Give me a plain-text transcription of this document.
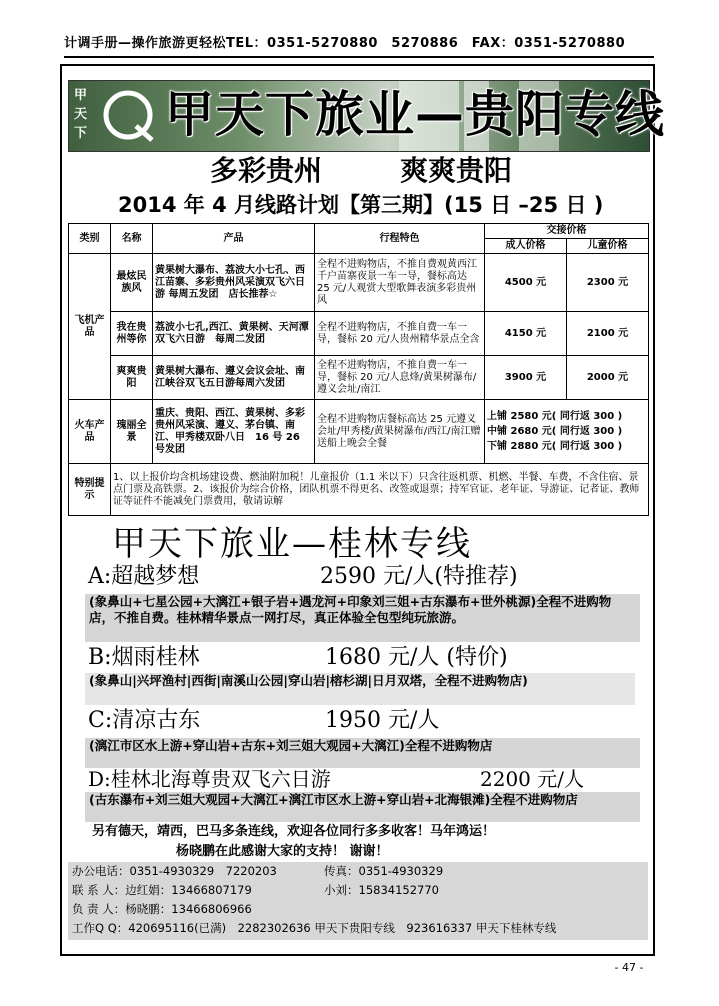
计调手册—操作旅游更轻松TEL：0351-5270880　5270886　FAX：0351-5270880
甲
天
下 甲天下旅业—贵阳专线
多彩贵州	爽爽贵阳
2014 年 4 月线路计划【第三期】(15 日 –25 日 )
类别	名称	产品	行程特色	交接价格	
				成人价格	儿童价格
飞机产品	最炫民族风	黄果树大瀑布、荔波大小七孔、西江苗寨、多彩贵州风采演双飞六日游 每周五发团　店长推荐☆	全程不进购物店，不推自费观黄西江千户苗寨夜景一车一导，餐标高达 25 元/人观赏大型歌舞表演多彩贵州风	4500 元	2300 元
	我在贵州等你	荔波小七孔,西江、黄果树、天河潭双飞六日游　每周二发团	全程不进购物店，不推自费一车一导，餐标 20 元/人贵州精华景点全含	4150 元	2100 元
	爽爽贵阳	黄果树大瀑布、遵义会议会址、南江峡谷双飞五日游每周六发团	全程不进购物店，不推自费一车一导，餐标 20 元/人息烽/黄果树瀑布/遵义会址/南江	3900 元	2000 元
火车产品	瑰丽全景	重庆、贵阳、西江、黄果树、多彩贵州风采演、遵义、茅台镇、南江、甲秀楼双卧八日　16 号 26 号发团	全程不进购物店餐标高达 25 元遵义会址/甲秀楼/黄果树瀑布/西江/南江赠送船上晚会全餐	上铺 2580 元( 同行返 300 )
中铺 2680 元( 同行返 300 )
下铺 2880 元( 同行返 300 )	

特别提示	1、以上报价均含机场建设费、燃油附加税！儿童报价（1.1 米以下）只含往返机票、机燃、半餐、车费，不含住宿、景点门票及高铁票。2、该报价为综合价格，团队机票不得更名、改签或退票；持军官证、老年证、导游证、记者证、教师证等证件不能减免门票费用，敬请谅解				
甲天下旅业—桂林专线
A:超越梦想	2590 元/人(特推荐)
(象鼻山+七星公园+大漓江+银子岩+遇龙河+印象刘三姐+古东瀑布+世外桃源)全程不进购物店，不推自费。桂林精华景点一网打尽，真正体验全包型纯玩旅游。
B:烟雨桂林	1680 元/人 (特价)
(象鼻山|兴坪渔村|西街|南溪山公园|穿山岩|榕杉湖|日月双塔，全程不进购物店)
C:清凉古东	1950 元/人
(漓江市区水上游+穿山岩+古东+刘三姐大观园+大漓江)全程不进购物店
D:桂林北海尊贵双飞六日游	2200 元/人
(古东瀑布+刘三姐大观园+大漓江+漓江市区水上游+穿山岩+北海银滩)全程不进购物店
另有德天，靖西，巴马多条连线，欢迎各位同行多多收客！马年鸿运！
杨晓鹏在此感谢大家的支持！ 谢谢！
办公电话：0351-4930329　7220203	传真：0351-4930329
联 系 人：边红娟：13466807179	小刘：15834152770
负 责 人：杨晓鹏：13466806966
工作Q Q：420695116(已满)　2282302636 甲天下贵阳专线　923616337 甲天下桂林专线
- 47 -
